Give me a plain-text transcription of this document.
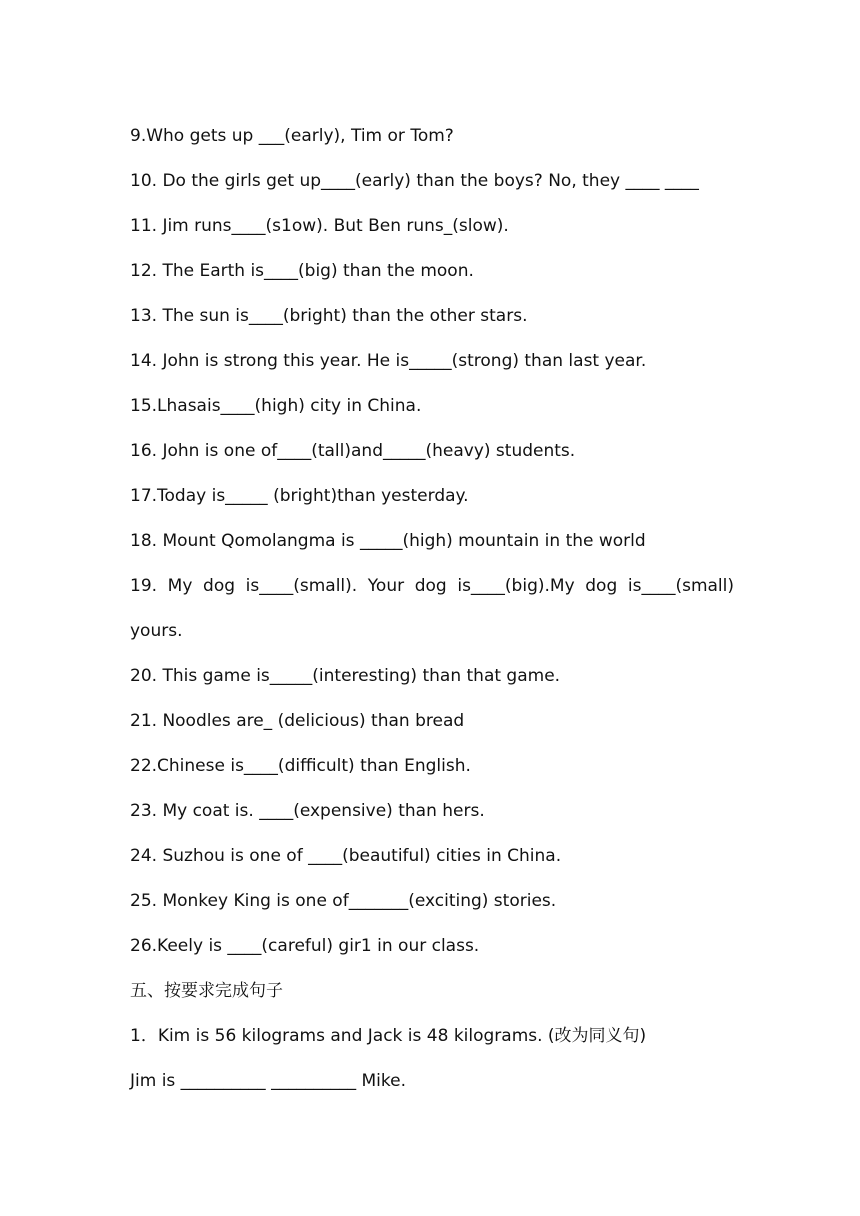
9.Who gets up ___(early), Tim or Tom?
10. Do the girls get up____(early) than the boys? No, they ____ ____
11. Jim runs____(s1ow). But Ben runs_(slow).
12. The Earth is____(big) than the moon.
13. The sun is____(bright) than the other stars.
14. John is strong this year. He is_____(strong) than last year.
15.Lhasais____(high) city in China.
16. John is one of____(tall)and_____(heavy) students.
17.Today is_____ (bright)than yesterday.
18. Mount Qomolangma is _____(high) mountain in the world
19. My dog is____(small). Your dog is____(big).My dog is____(small)
yours.
20. This game is_____(interesting) than that game.
21. Noodles are_ (delicious) than bread
22.Chinese is____(difficult) than English.
23. My coat is. ____(expensive) than hers.
24. Suzhou is one of ____(beautiful) cities in China.
25. Monkey King is one of_______(exciting) stories.
26.Keely is ____(careful) gir1 in our class.
五、按要求完成句子
1．Kim is 56 kilograms and Jack is 48 kilograms. (改为同义句)
Jim is __________ __________ Mike.
